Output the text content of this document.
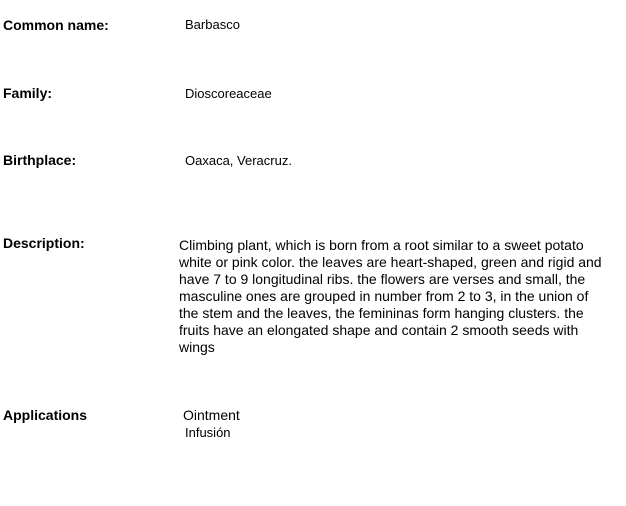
Common name:	Barbasco
Family:	Dioscoreaceae
Birthplace:	Oaxaca, Veracruz.
Description:	Climbing plant, which is born from a root similar to a sweet potato white or pink color. the leaves are heart-shaped, green and rigid and have 7 to 9 longitudinal ribs. the flowers are verses and small, the masculine ones are grouped in number from 2 to 3, in the union of the stem and the leaves, the femininas form hanging clusters. the fruits have an elongated shape and contain 2 smooth seeds with wings
Applications	Ointment
Infusión
